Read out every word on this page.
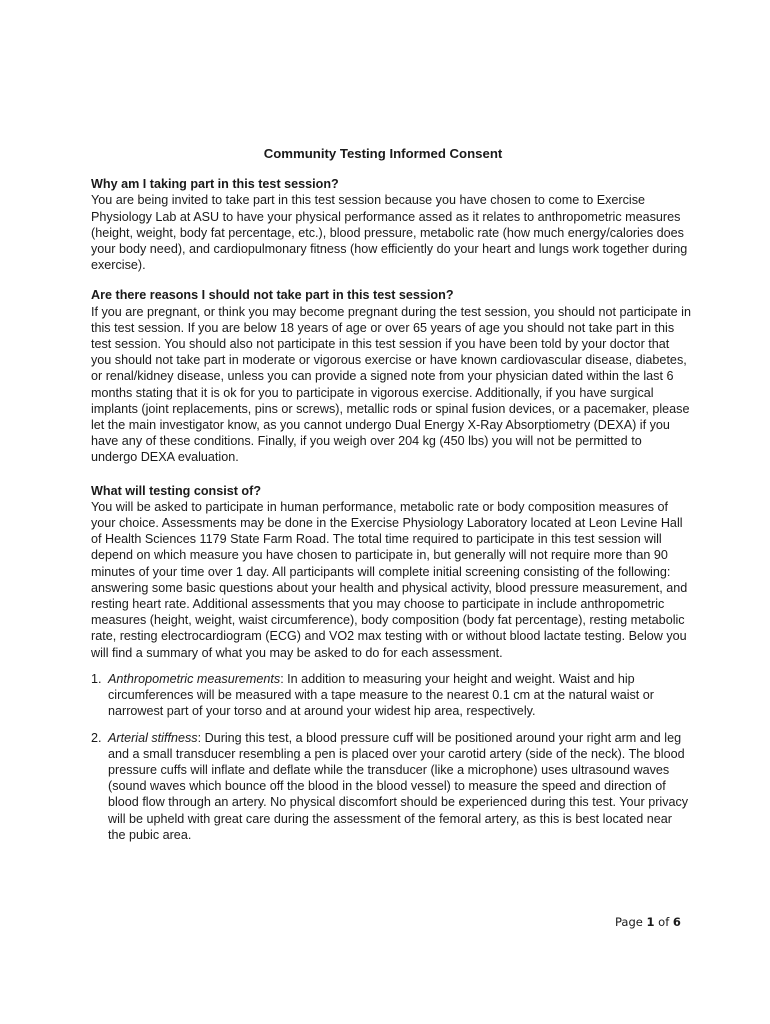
Community Testing Informed Consent

Why am I taking part in this test session?

You are being invited to take part in this test session because you have chosen to come to Exercise Physiology Lab at ASU to have your physical performance assed as it relates to anthropometric measures (height, weight, body fat percentage, etc.), blood pressure, metabolic rate (how much energy/calories does your body need), and cardiopulmonary fitness (how efficiently do your heart and lungs work together during exercise).

Are there reasons I should not take part in this test session?

If you are pregnant, or think you may become pregnant during the test session, you should not participate in this test session. If you are below 18 years of age or over 65 years of age you should not take part in this test session. You should also not participate in this test session if you have been told by your doctor that you should not take part in moderate or vigorous exercise or have known cardiovascular disease, diabetes, or renal/kidney disease, unless you can provide a signed note from your physician dated within the last 6 months stating that it is ok for you to participate in vigorous exercise. Additionally, if you have surgical implants (joint replacements, pins or screws), metallic rods or spinal fusion devices, or a pacemaker, please let the main investigator know, as you cannot undergo Dual Energy X-Ray Absorptiometry (DEXA) if you have any of these conditions. Finally, if you weigh over 204 kg (450 lbs) you will not be permitted to undergo DEXA evaluation.

What will testing consist of?

You will be asked to participate in human performance, metabolic rate or body composition measures of your choice. Assessments may be done in the Exercise Physiology Laboratory located at Leon Levine Hall of Health Sciences 1179 State Farm Road. The total time required to participate in this test session will depend on which measure you have chosen to participate in, but generally will not require more than 90 minutes of your time over 1 day. All participants will complete initial screening consisting of the following: answering some basic questions about your health and physical activity, blood pressure measurement, and resting heart rate. Additional assessments that you may choose to participate in include anthropometric measures (height, weight, waist circumference), body composition (body fat percentage), resting metabolic rate, resting electrocardiogram (ECG) and VO2 max testing with or without blood lactate testing. Below you will find a summary of what you may be asked to do for each assessment.

1. Anthropometric measurements: In addition to measuring your height and weight. Waist and hip circumferences will be measured with a tape measure to the nearest 0.1 cm at the natural waist or narrowest part of your torso and at around your widest hip area, respectively.
2. Arterial stiffness: During this test, a blood pressure cuff will be positioned around your right arm and leg and a small transducer resembling a pen is placed over your carotid artery (side of the neck). The blood pressure cuffs will inflate and deflate while the transducer (like a microphone) uses ultrasound waves (sound waves which bounce off the blood in the blood vessel) to measure the speed and direction of blood flow through an artery. No physical discomfort should be experienced during this test. Your privacy will be upheld with great care during the assessment of the femoral artery, as this is best located near the pubic area.
Page 1 of 6
